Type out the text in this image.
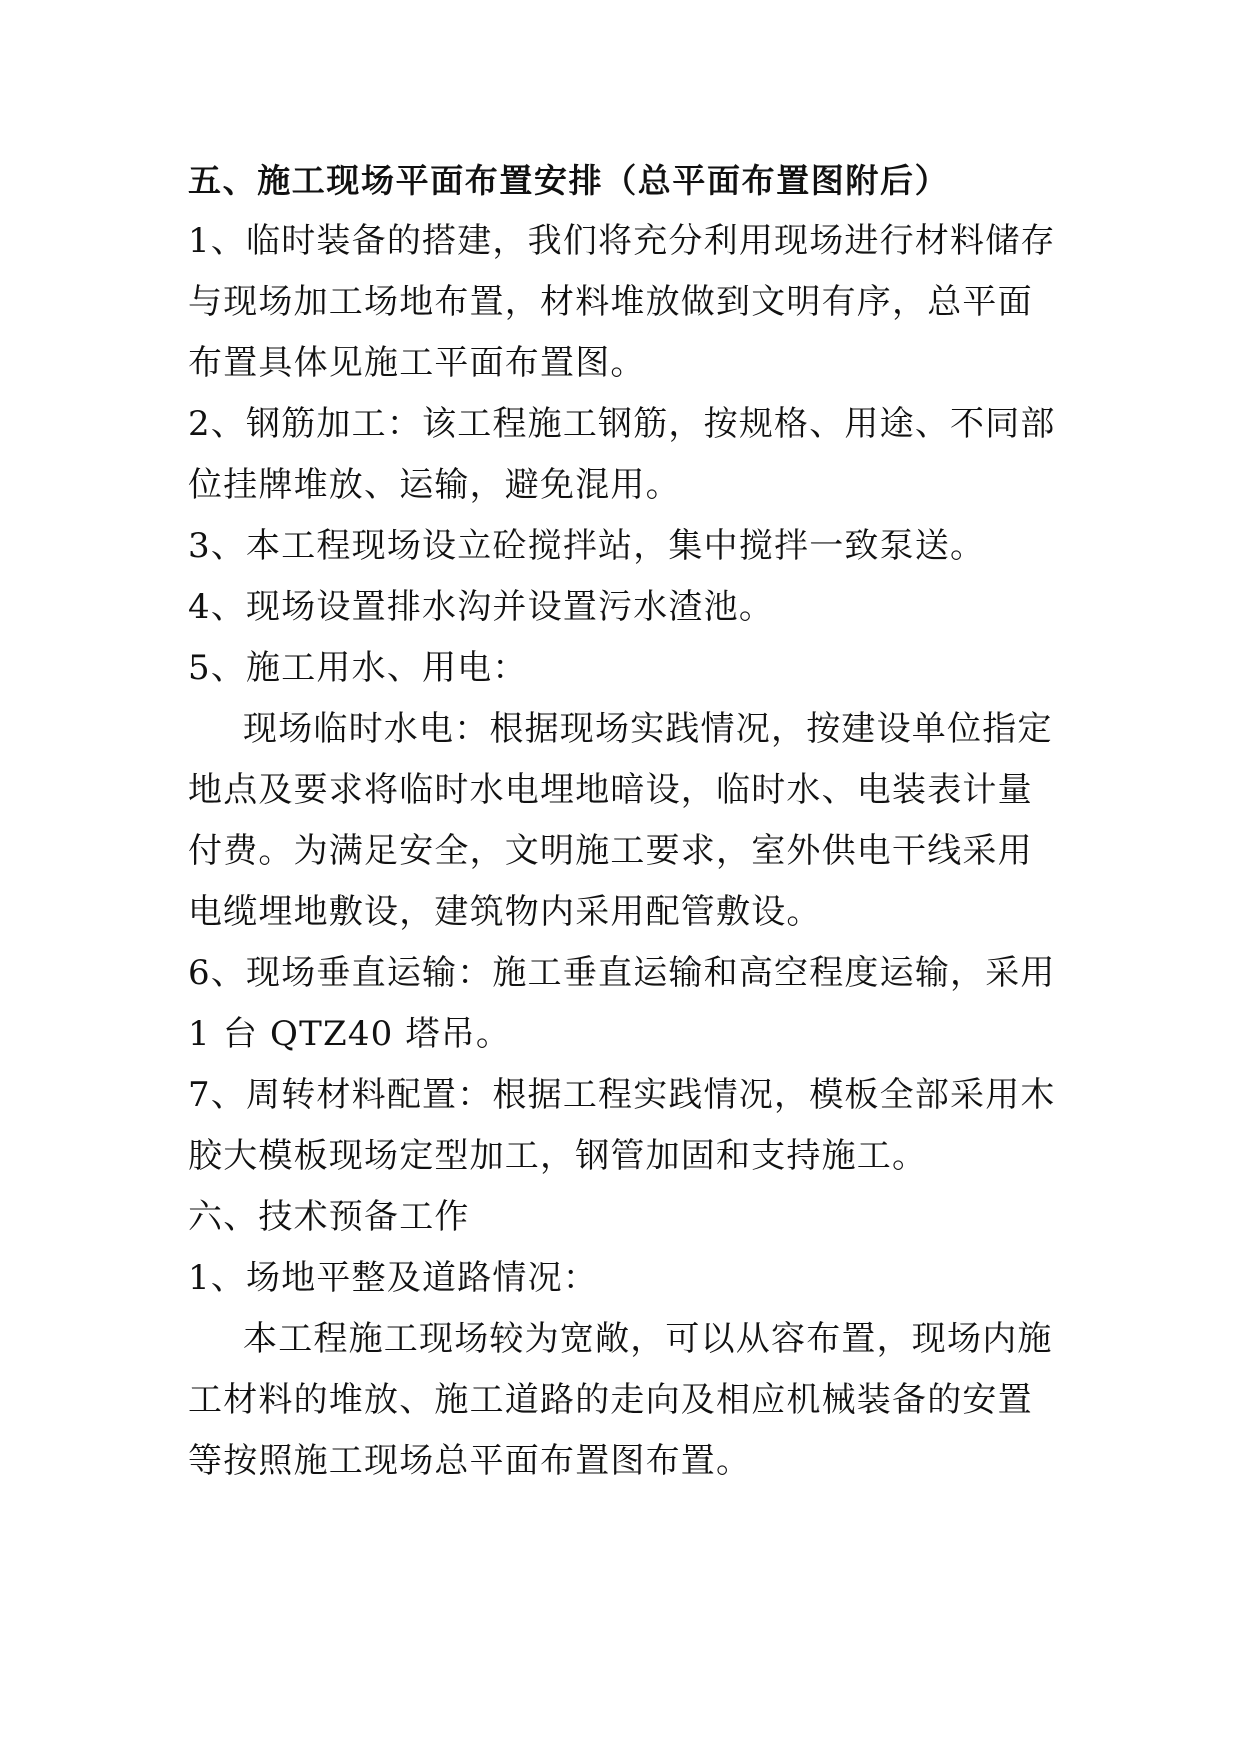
五、施工现场平面布置安排（总平面布置图附后）
1、临时装备的搭建，我们将充分利用现场进行材料储存
与现场加工场地布置，材料堆放做到文明有序，总平面
布置具体见施工平面布置图。
2、钢筋加工：该工程施工钢筋，按规格、用途、不同部
位挂牌堆放、运输，避免混用。
3、本工程现场设立砼搅拌站，集中搅拌一致泵送。
4、现场设置排水沟并设置污水渣池。
5、施工用水、用电：
现场临时水电：根据现场实践情况，按建设单位指定
地点及要求将临时水电埋地暗设，临时水、电装表计量
付费。为满足安全，文明施工要求，室外供电干线采用
电缆埋地敷设，建筑物内采用配管敷设。
6、现场垂直运输：施工垂直运输和高空程度运输，采用
1 台 QTZ40 塔吊。
7、周转材料配置：根据工程实践情况，模板全部采用木
胶大模板现场定型加工，钢管加固和支持施工。
六、技术预备工作
1、场地平整及道路情况：
本工程施工现场较为宽敞，可以从容布置，现场内施
工材料的堆放、施工道路的走向及相应机械装备的安置
等按照施工现场总平面布置图布置。
